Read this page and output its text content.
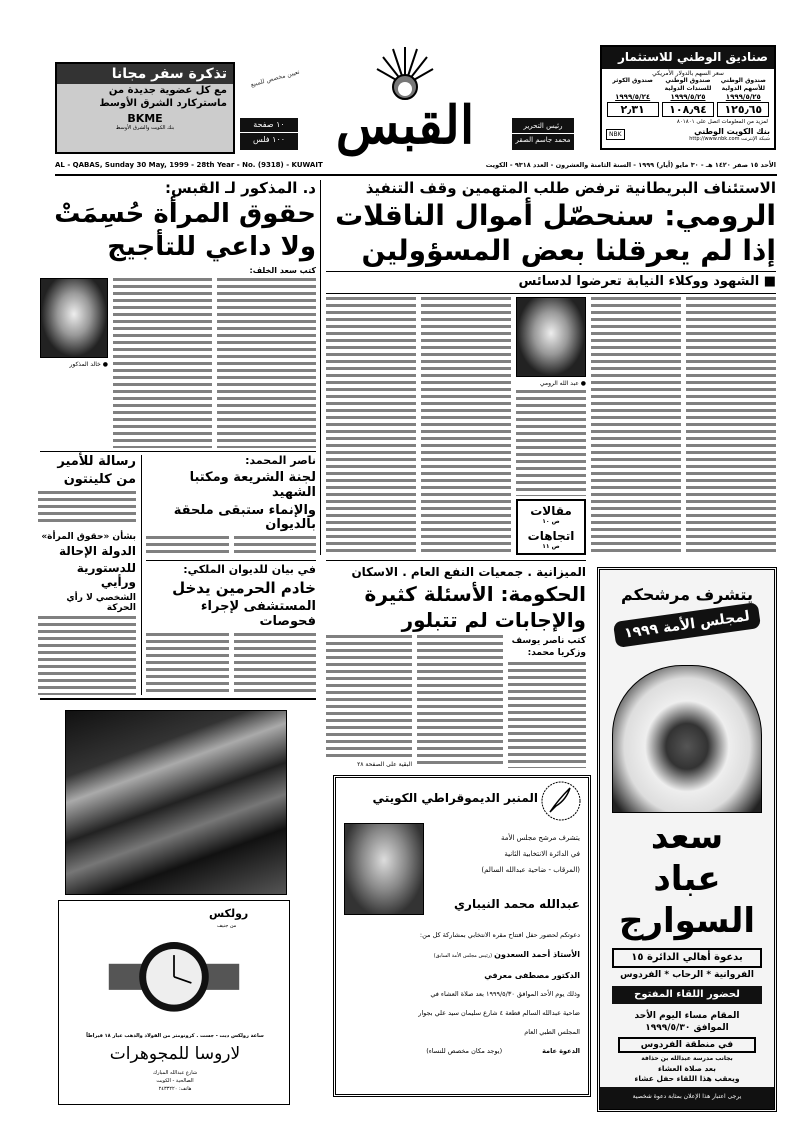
صناديق الوطني للاستثمار
سعر السهم بالدولار الأمريكي
صندوق الوطني للأسهم الدولية
١٩٩٩/٥/٢٥
١٢٥٫٦٥
صندوق الوطني للسندات الدولية
١٩٩٩/٥/٢٥
١٠٨٫٩٤
صندوق الكوثر
١٩٩٩/٥/٢٤
٢٫٣١
لمزيد من المعلومات اتصل على ٨٠١٨٠١
NBK	بنك الكويت الوطني
شبكة الإنترنت http://www.nbk.com
رئيس التحرير
محمد جاسم الصقر
القبس
تعيين مخصص للمبيع
١٠ صفحة
١٠٠ فلس
تذكرة سفر مجانا
مع كل عضوية جديدة من
ماستركارد الشرق الأوسط
BKME
بنك الكويت والشرق الأوسط
AL - QABAS, Sunday 30 May, 1999 - 28th Year - No. (9318) - KUWAIT	الأحد ١٥ صفر ١٤٢٠ هـ - ٣٠ مايو (أيار) ١٩٩٩ - السنة الثامنة والعشرون - العدد ٩٣١٨ - الكويت
الاستئناف البريطانية ترفض طلب المتهمين وقف التنفيذ
الرومي: سنحصّل أموال الناقلات
إذا لم يعرقلنا بعض المسؤولين
■ الشهود ووكلاء النيابة تعرضوا لدسائس
● عبد الله الرومي
مقالات
ص ١٠
اتجاهات
ص ١١
د. المذكور لـ القبس:
حقوق المرأة حُسِمَتْ
ولا داعي للتأجيج
كتب سعد الخلف:
● خالد المذكور
ناصر المحمد:
لجنة الشريعة ومكتبا الشهيد
والإنماء ستبقى ملحقة بالديوان
رسالة للأمير
من كلينتون
بشأن «حقوق المرأة»
الدولة الإحالة
للدستورية ورأيي
الشخصي لا رأي الحركة
في بيان للديوان الملكي:
خادم الحرمين يدخل
المستشفى لإجراء فحوصات
الميزانية . جمعيات النفع العام . الاسكان
الحكومة: الأسئلة كثيرة
والإجابات لم تتبلور
كتب ناصر يوسف
وزكريا محمد:
البقية على الصفحة ٢٨
رولكس
من جنيف
ساعة رولكس ديت - جست . كرونومتر من الفولاذ والذهب عيار ١٨ قيراطاً
لاروسا للمجوهرات
شارع عبدالله المبارك
الصالحية - الكويت
هاتف: ٢٤٣٣٢٢٠
المنبر الديموقراطي الكويتي
يتشرف مرشح مجلس الأمة
في الدائرة الانتخابية الثانية
(المرقاب - ضاحية عبدالله السالم)
عبدالله محمد النيباري
دعوتكم لحضور حفل افتتاح مقره الانتخابي بمشاركة كل من:
الأستاذ أحمد السعدون (رئيس مجلس الأمة السابق)
الدكتور مصطفى معرفي
وذلك يوم الأحد الموافق ١٩٩٩/٥/٣٠ بعد صلاة العشاء في
ضاحية عبدالله السالم قطعة ٤ شارع سليمان سيد علي بجوار
المجلس الطبي العام
الدعوة عامة
(يوجد مكان مخصص للنساء)
يتشرف مرشحكم
لمجلس الأمة ١٩٩٩
سعد
عباد
السوارج
بدعوة أهالي الدائرة ١٥
الفروانية * الرحاب * الفردوس
لحضور اللقاء المفتوح
المقام مساء اليوم الأحد
الموافق ١٩٩٩/٥/٣٠
في منطقة الفردوس
بجانب مدرسة عبدالله بن حذافة
بعد صلاة العشاء
ويعقب هذا اللقاء حفل عشاء
يرجى اعتبار هذا الإعلان بمثابة دعوة شخصية
